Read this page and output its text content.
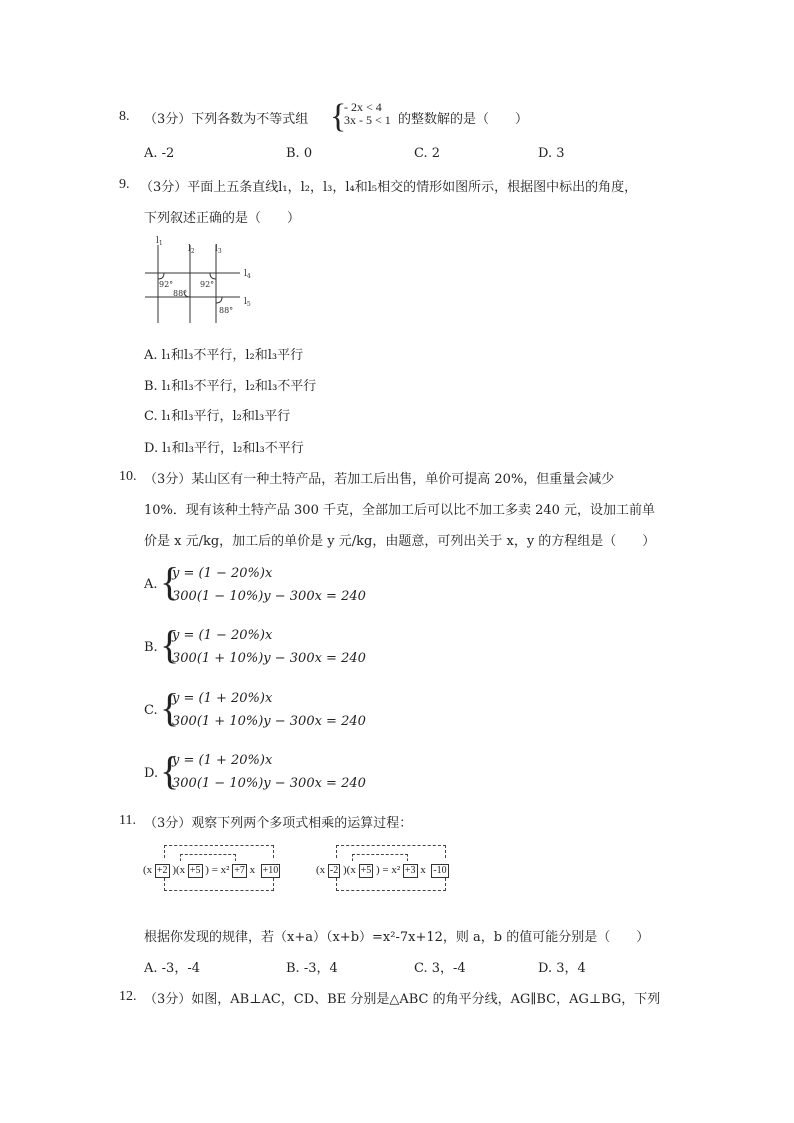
8. （3分）下列各数为不等式组 {
- 2x < 4
3x - 5 < 1 的整数解的是（　　）
A. -2	B. 0	C. 2	D. 3
9. （3分）平面上五条直线l₁，l₂，l₃，l₄和l₅相交的情形如图所示，根据图中标出的角度，
下列叙述正确的是（　　）
$l_1$
$l_2$ $l_3$
$l_4$
$l_5$
92°
88°
92°
88°
A. l₁和l₃不平行，l₂和l₃平行
B. l₁和l₃不平行，l₂和l₃不平行
C. l₁和l₃平行，l₂和l₃平行
D. l₁和l₃平行，l₂和l₃不平行
10. （3分）某山区有一种土特产品，若加工后出售，单价可提高 20%，但重量会减少
10%．现有该种土特产品 300 千克，全部加工后可以比不加工多卖 240 元，设加工前单
价是 x 元/kg，加工后的单价是 y 元/kg，由题意，可列出关于 x，y 的方程组是（　　）
A. {
y = (1 − 20%)x
300(1 − 10%)y − 300x = 240
B. {
y = (1 − 20%)x
300(1 + 10%)y − 300x = 240
C. {
y = (1 + 20%)x
300(1 + 10%)y − 300x = 240
D. {
y = (1 + 20%)x
300(1 − 10%)y − 300x = 240
11. （3分）观察下列两个多项式相乘的运算过程：
(x +2 )(x +5 ) = x² +7 x +10	(x -2 )(x +5 ) = x² +3 x -10
根据你发现的规律，若（x+a）（x+b）=x²-7x+12，则 a，b 的值可能分别是（　　）
A. -3，-4	B. -3，4	C. 3，-4	D. 3，4
12. （3分）如图，AB⊥AC，CD、BE 分别是△ABC 的角平分线，AG∥BC，AG⊥BG，下列
